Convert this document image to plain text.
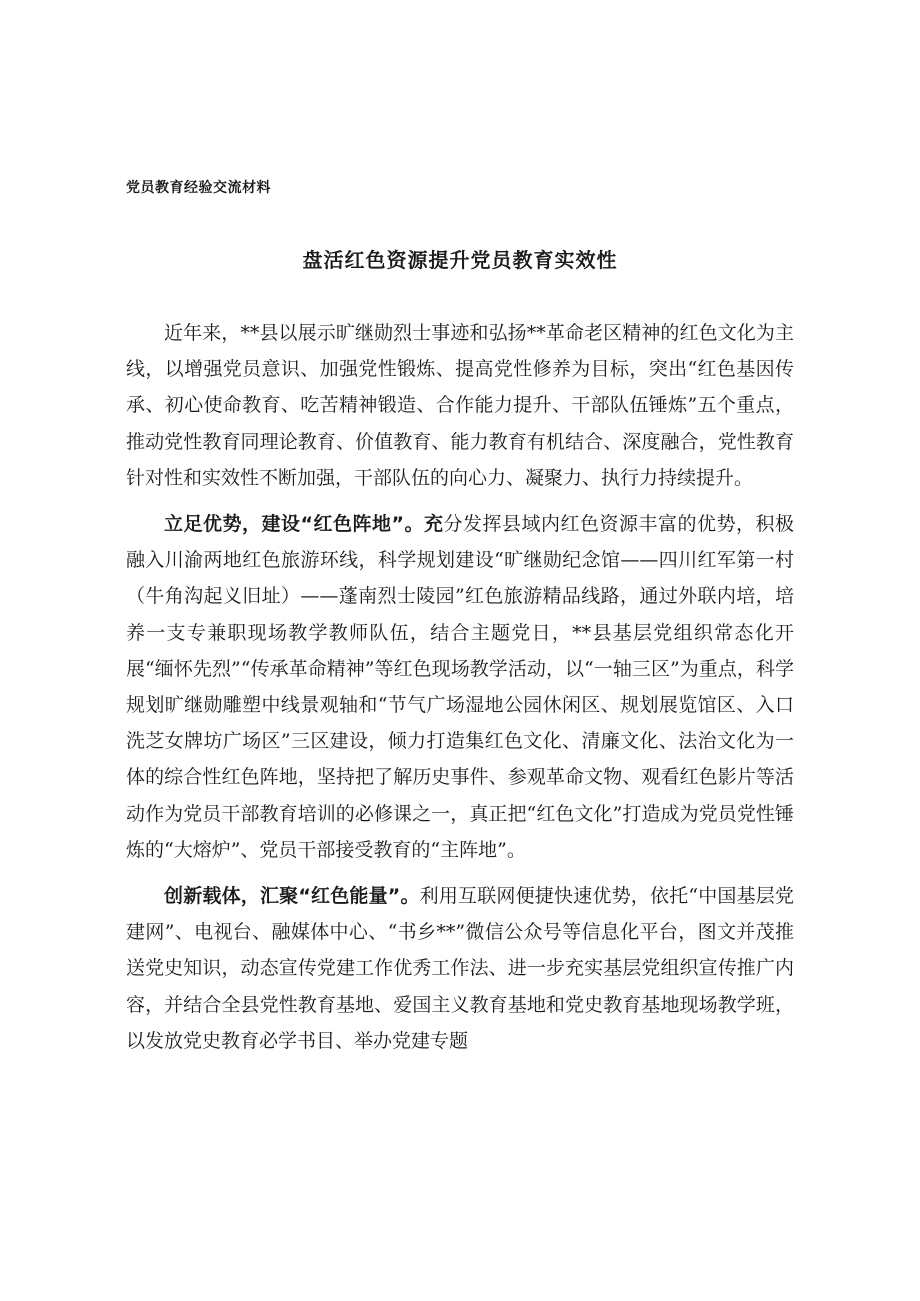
党员教育经验交流材料
盘活红色资源提升党员教育实效性

近年来，**县以展示旷继勋烈士事迹和弘扬**革命老区精神的红色文化为主线，以增强党员意识、加强党性锻炼、提高党性修养为目标，突出“红色基因传承、初心使命教育、吃苦精神锻造、合作能力提升、干部队伍锤炼”五个重点，推动党性教育同理论教育、价值教育、能力教育有机结合、深度融合，党性教育针对性和实效性不断加强，干部队伍的向心力、凝聚力、执行力持续提升。

立足优势，建设“红色阵地”。充分发挥县域内红色资源丰富的优势，积极融入川渝两地红色旅游环线，科学规划建设“旷继勋纪念馆——四川红军第一村（牛角沟起义旧址）——蓬南烈士陵园”红色旅游精品线路，通过外联内培，培养一支专兼职现场教学教师队伍，结合主题党日，**县基层党组织常态化开展“缅怀先烈”“传承革命精神”等红色现场教学活动，以“一轴三区”为重点，科学规划旷继勋雕塑中线景观轴和“节气广场湿地公园休闲区、规划展览馆区、入口洗芝女牌坊广场区”三区建设，倾力打造集红色文化、清廉文化、法治文化为一体的综合性红色阵地，坚持把了解历史事件、参观革命文物、观看红色影片等活动作为党员干部教育培训的必修课之一，真正把“红色文化”打造成为党员党性锤炼的“大熔炉”、党员干部接受教育的“主阵地”。

创新载体，汇聚“红色能量”。利用互联网便捷快速优势，依托“中国基层党建网”、电视台、融媒体中心、“书乡**”微信公众号等信息化平台，图文并茂推送党史知识，动态宣传党建工作优秀工作法、进一步充实基层党组织宣传推广内容，并结合全县党性教育基地、爱国主义教育基地和党史教育基地现场教学班，以发放党史教育必学书目、举办党建专题
